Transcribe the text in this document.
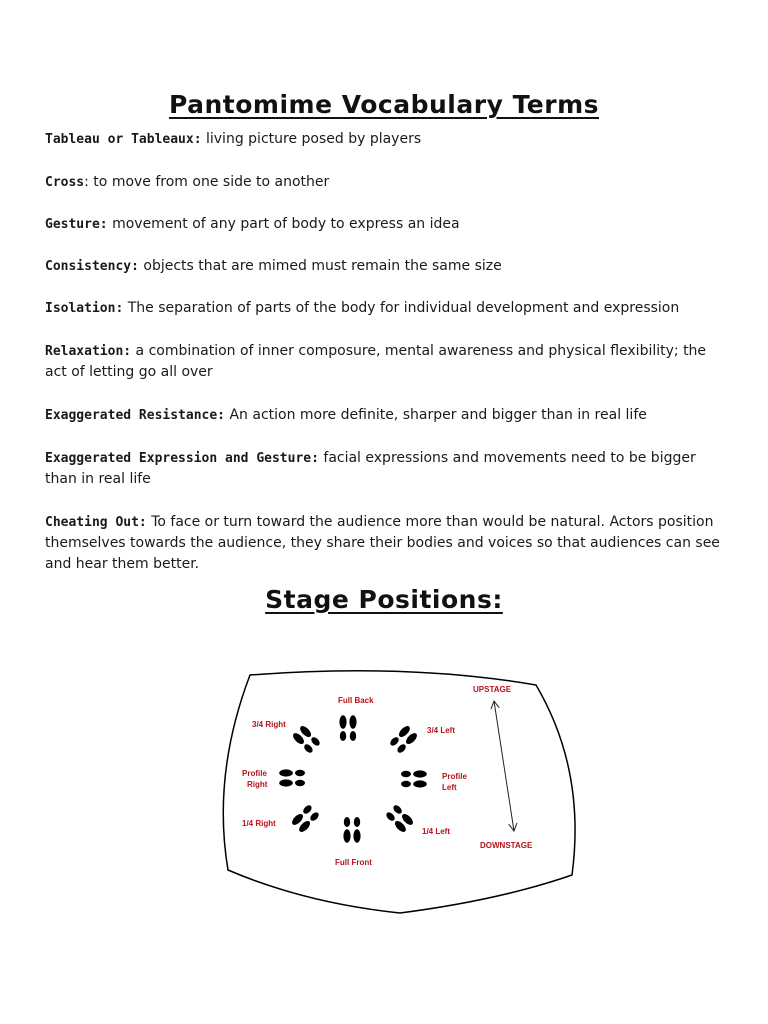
Pantomime Vocabulary Terms

Tableau or Tableaux: living picture posed by players

Cross: to move from one side to another

Gesture: movement of any part of body to express an idea

Consistency: objects that are mimed must remain the same size

Isolation: The separation of parts of the body for individual development and expression

Relaxation: a combination of inner composure, mental awareness and physical flexibility; the act of letting go all over

Exaggerated Resistance: An action more definite, sharper and bigger than in real life

Exaggerated Expression and Gesture: facial expressions and movements need to be bigger than in real life

Cheating Out: To face or turn toward the audience more than would be natural. Actors position themselves towards the audience, they share their bodies and voices so that audiences can see and hear them better.

Stage Positions:
Full Back
3/4 Right
3/4 Left
Profile
Right
Profile
Left
1/4 Right
1/4 Left
Full Front
UPSTAGE
DOWNSTAGE
